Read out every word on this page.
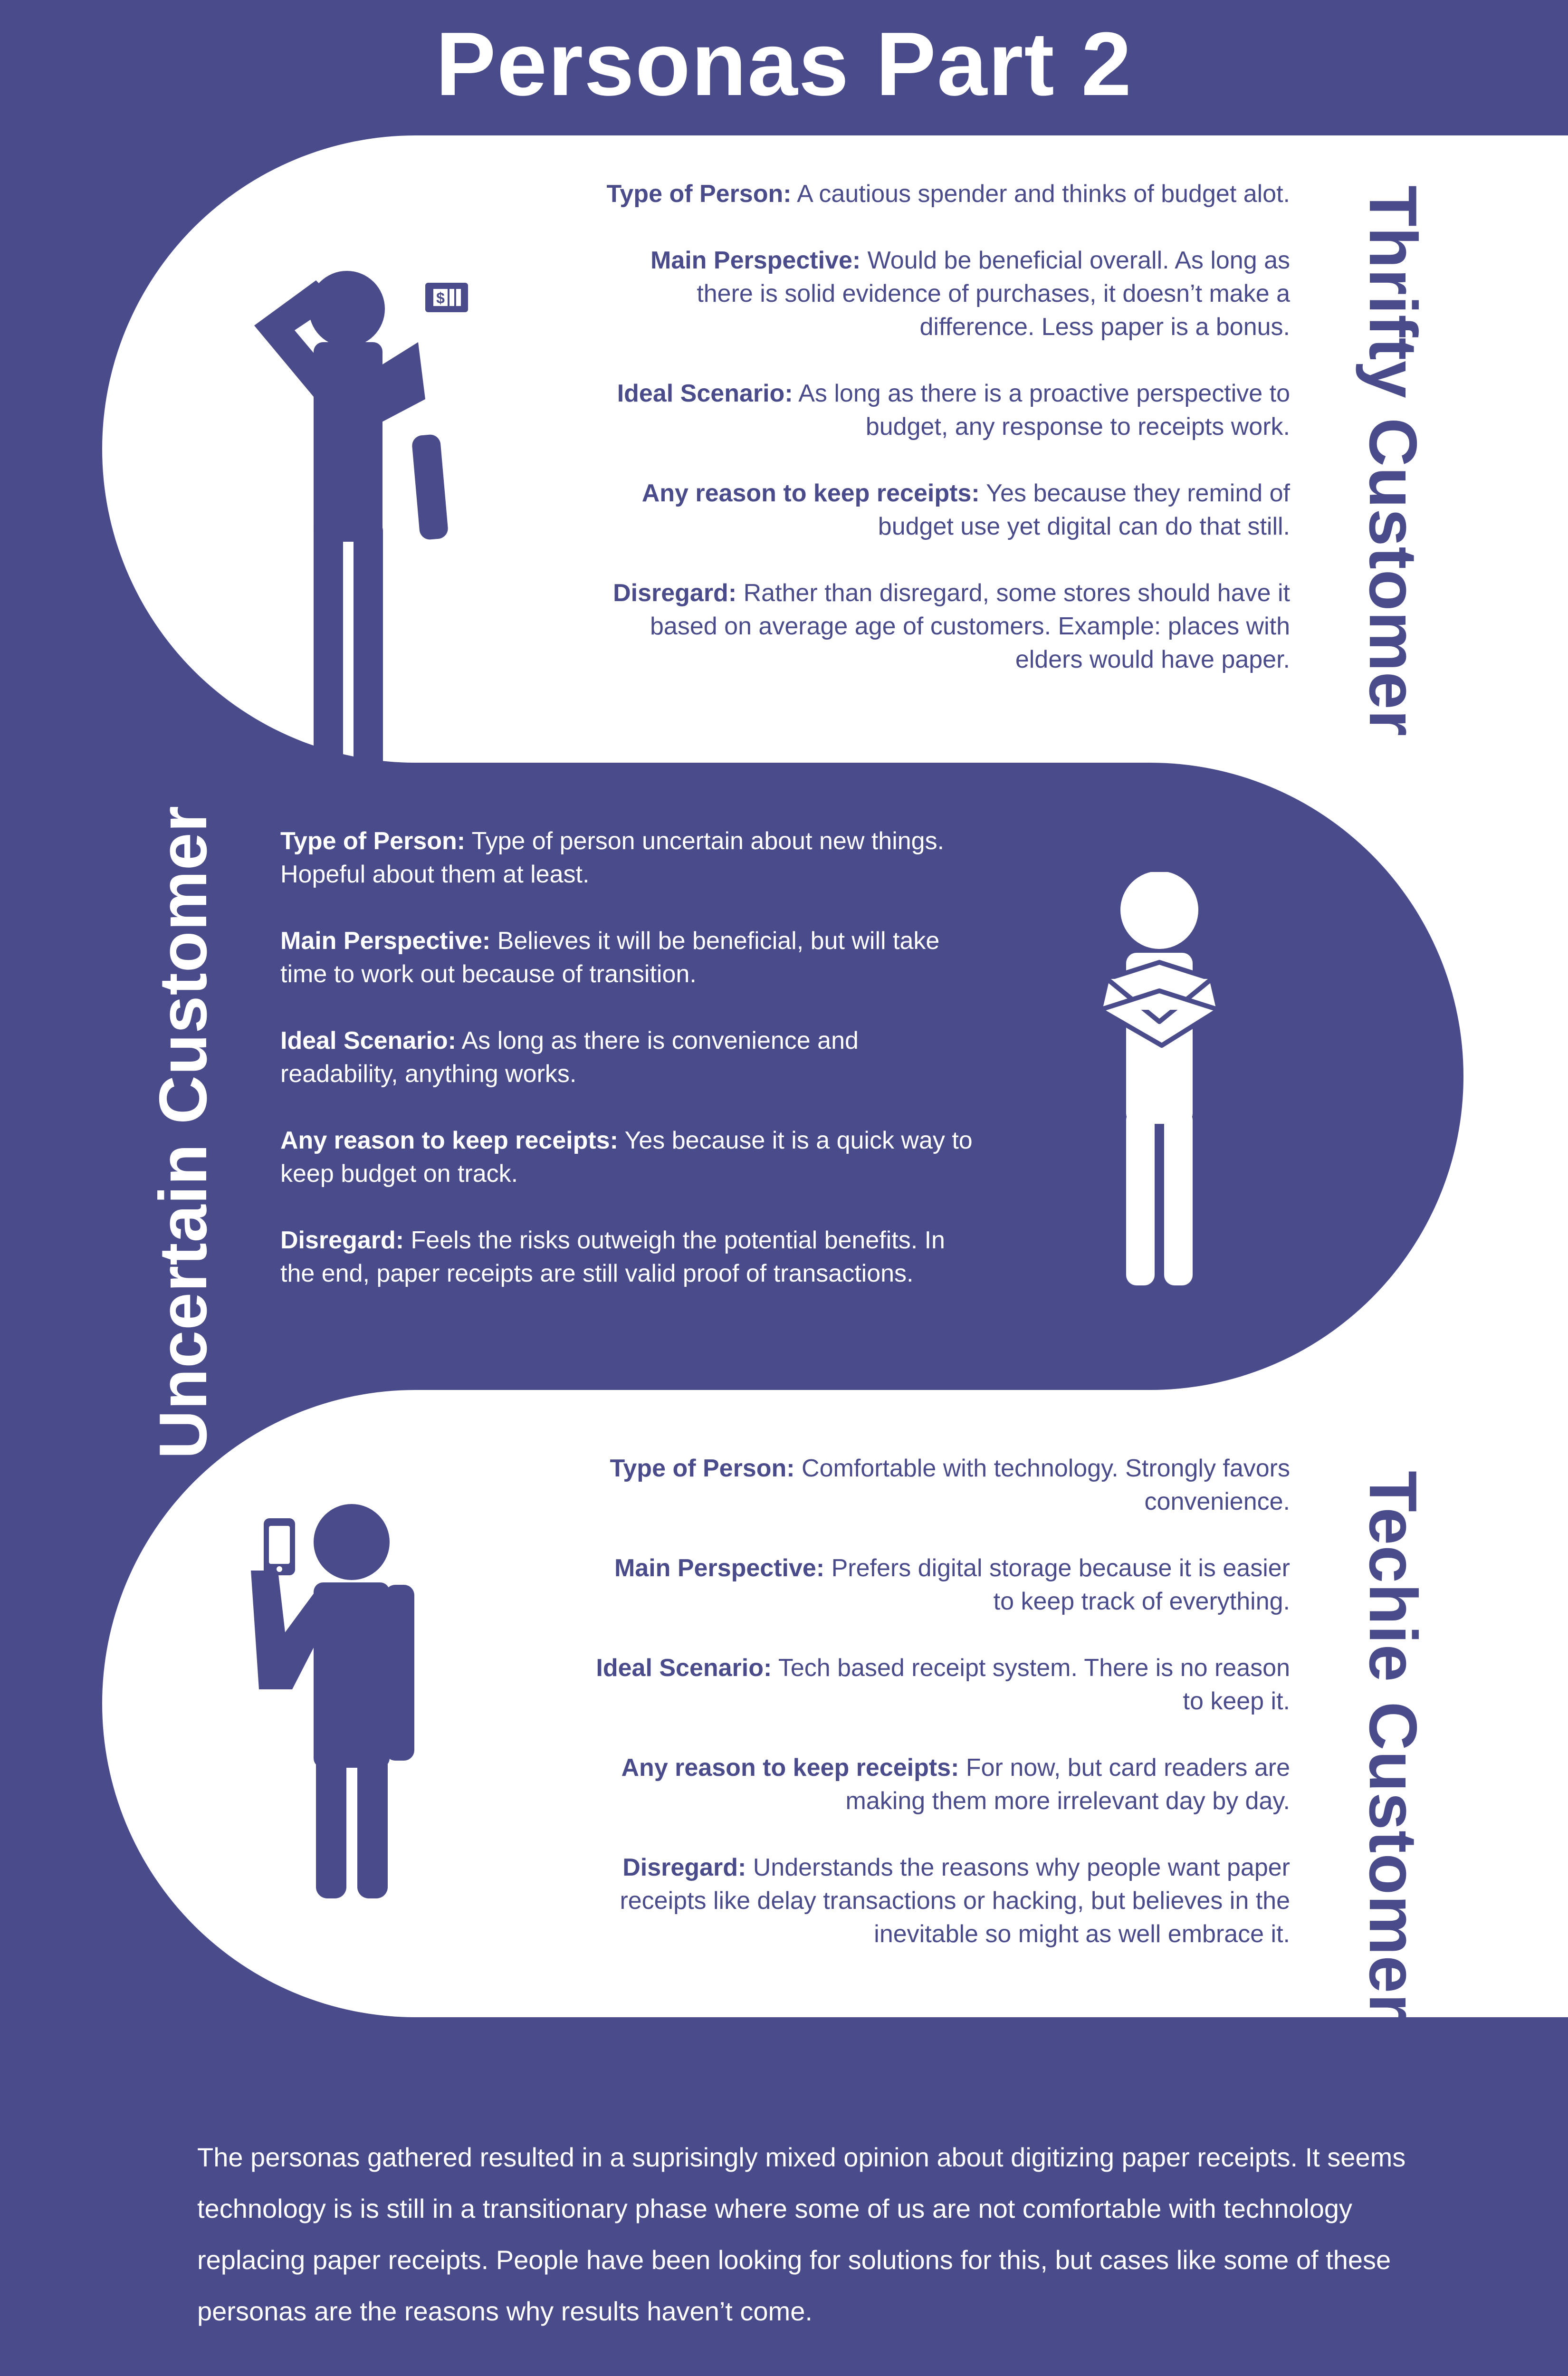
Personas Part 2
$

Type of Person: A cautious spender and thinks of budget alot.

Main Perspective: Would be beneficial overall. As long as there is solid evidence of purchases, it doesn’t make a difference. Less paper is a bonus.

Ideal Scenario: As long as there is a proactive perspective to budget, any response to receipts work.

Any reason to keep receipts: Yes because they remind of budget use yet digital can do that still.

Disregard: Rather than disregard, some stores should have it based on average age of customers. Example: places with elders would have paper. Thrifty Customer
Uncertain Customer Type of Person: Type of person uncertain about new things. Hopeful about them at least.

Main Perspective: Believes it will be beneficial, but will take time to work out because of transition.

Ideal Scenario: As long as there is convenience and readability, anything works.

Any reason to keep receipts: Yes because it is a quick way to keep budget on track.

Disregard: Feels the risks outweigh the potential benefits. In the end, paper receipts are still valid proof of transactions.

Type of Person: Comfortable with technology. Strongly favors convenience.

Main Perspective: Prefers digital storage because it is easier to keep track of everything.

Ideal Scenario: Tech based receipt system. There is no reason to keep it.

Any reason to keep receipts: For now, but card readers are making them more irrelevant day by day.

Disregard: Understands the reasons why people want paper receipts like delay transactions or hacking, but believes in the inevitable so might as well embrace it. Techie Customer

The personas gathered resulted in a suprisingly mixed opinion about digitizing paper receipts. It seems technology is is still in a transitionary phase where some of us are not comfortable with technology replacing paper receipts. People have been looking for solutions for this, but cases like some of these personas are the reasons why results haven’t come.
